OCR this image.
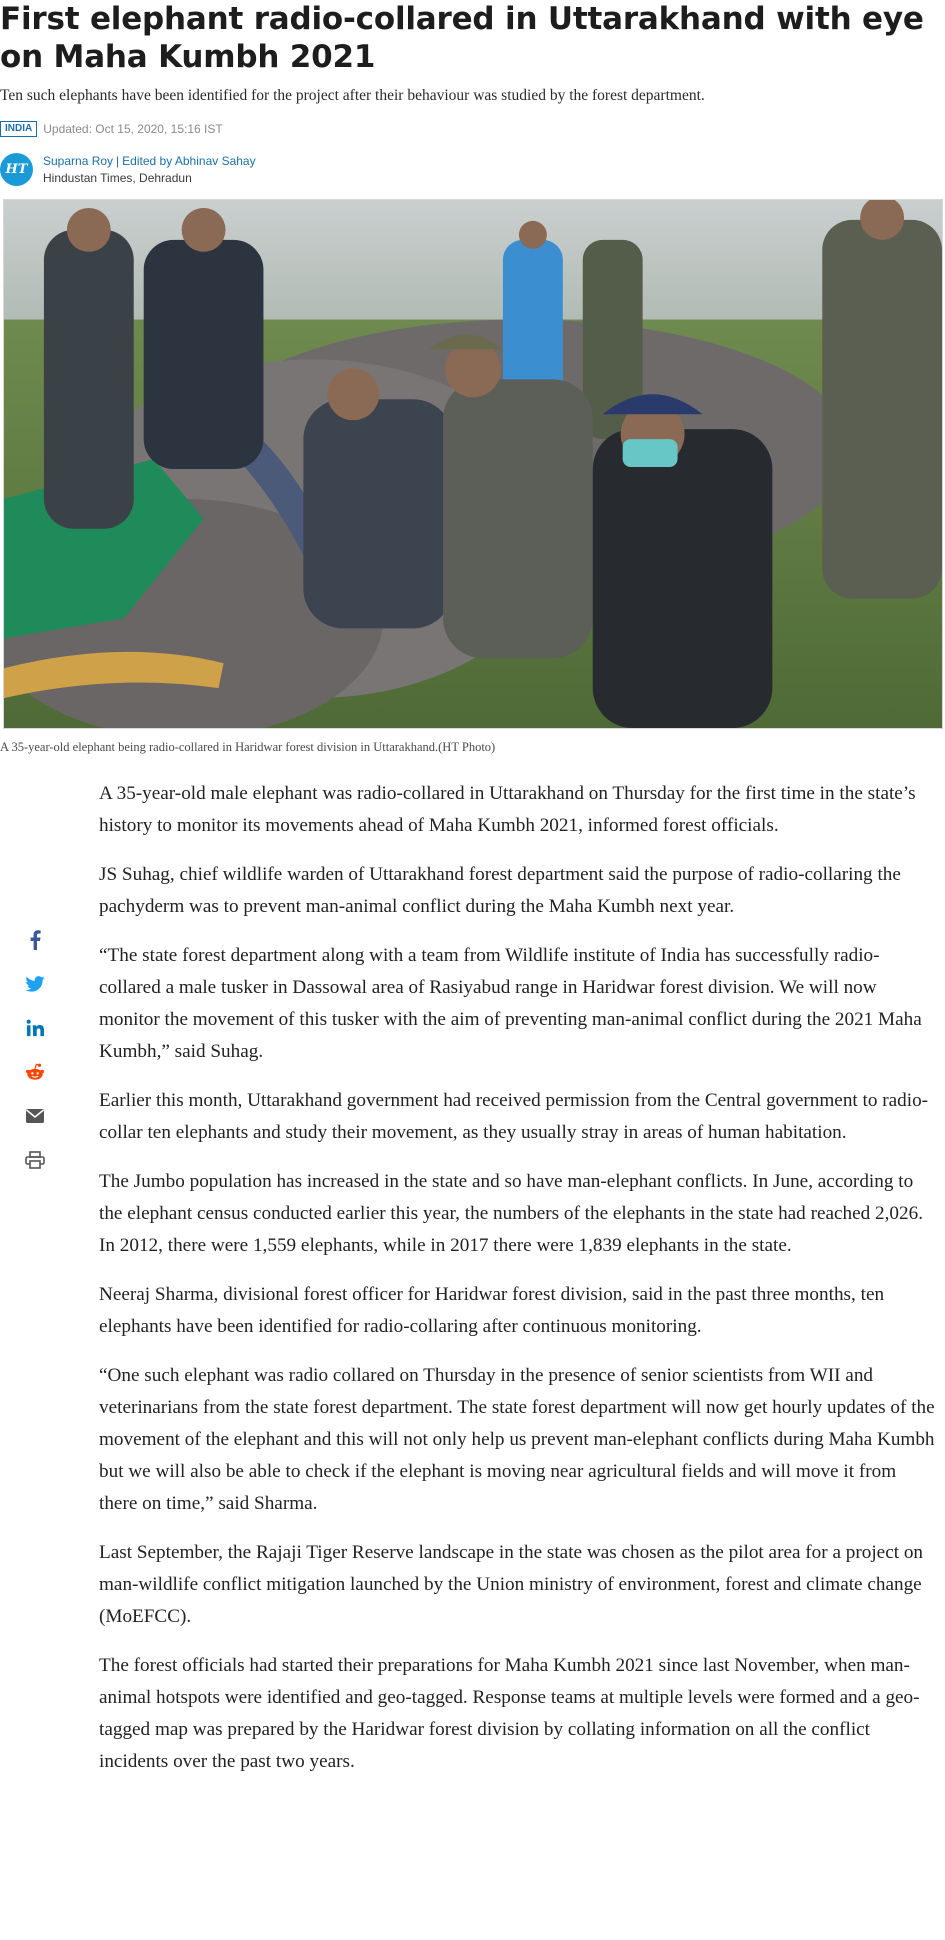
First elephant radio-collared in Uttarakhand with eye on Maha Kumbh 2021

Ten such elephants have been identified for the project after their behaviour was studied by the forest department.

INDIA Updated: Oct 15, 2020, 15:16 IST
HT
Suparna Roy | Edited by Abhinav Sahay
Hindustan Times, Dehradun
A 35-year-old elephant being radio-collared in Haridwar forest division in Uttarakhand.(HT Photo)

A 35-year-old male elephant was radio-collared in Uttarakhand on Thursday for the first time in the state’s history to monitor its movements ahead of Maha Kumbh 2021, informed forest officials.

JS Suhag, chief wildlife warden of Uttarakhand forest department said the purpose of radio-collaring the pachyderm was to prevent man-animal conflict during the Maha Kumbh next year.

“The state forest department along with a team from Wildlife institute of India has successfully radio-collared a male tusker in Dassowal area of Rasiyabud range in Haridwar forest division. We will now monitor the movement of this tusker with the aim of preventing man-animal conflict during the 2021 Maha Kumbh,” said Suhag.

Earlier this month, Uttarakhand government had received permission from the Central government to radio-collar ten elephants and study their movement, as they usually stray in areas of human habitation.

The Jumbo population has increased in the state and so have man-elephant conflicts. In June, according to the elephant census conducted earlier this year, the numbers of the elephants in the state had reached 2,026. In 2012, there were 1,559 elephants, while in 2017 there were 1,839 elephants in the state.

Neeraj Sharma, divisional forest officer for Haridwar forest division, said in the past three months, ten elephants have been identified for radio-collaring after continuous monitoring.

“One such elephant was radio collared on Thursday in the presence of senior scientists from WII and veterinarians from the state forest department. The state forest department will now get hourly updates of the movement of the elephant and this will not only help us prevent man-elephant conflicts during Maha Kumbh but we will also be able to check if the elephant is moving near agricultural fields and will move it from there on time,” said Sharma.

Last September, the Rajaji Tiger Reserve landscape in the state was chosen as the pilot area for a project on man-wildlife conflict mitigation launched by the Union ministry of environment, forest and climate change (MoEFCC).

The forest officials had started their preparations for Maha Kumbh 2021 since last November, when man-animal hotspots were identified and geo-tagged. Response teams at multiple levels were formed and a geo-tagged map was prepared by the Haridwar forest division by collating information on all the conflict incidents over the past two years.
